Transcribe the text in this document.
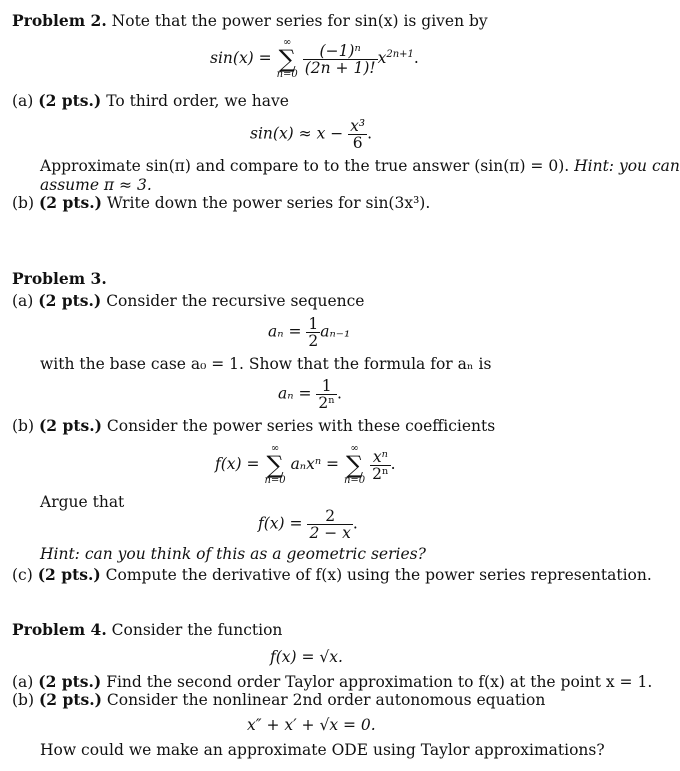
Problem 2. Note that the power series for sin(x) is given by
sin(x) =
∞
∑
n=0
$\frac{\text{(−1)ⁿ}}{(2n + 1)!} x^{2n+1}$.
(a) (2 pts.) To third order, we have
$\sin(x) \approx x - \frac{\text{x³}}{6}$ .
Approximate sin(π) and compare to to the true answer (sin(π) = 0). Hint: you can
assume π ≈ 3.
(b) (2 pts.) Write down the power series for sin(3x³).
Problem 3.
(a) (2 pts.) Consider the recursive sequence
$a_n = \frac{1}{2} a_{n-1}$
with the base case a₀ = 1. Show that the formula for aₙ is
$a_n = \frac{1}{\text{2ⁿ}}$ .
(b) (2 pts.) Consider the power series with these coefficients
f(x) =
∞
∑
n=0
aₙxⁿ =
∞
∑
n=0
$\frac{\text{xⁿ}}{\text{2ⁿ}}$ .
Argue that
$f(x) = \frac{2}{2 - x}$ .
Hint: can you think of this as a geometric series?
(c) (2 pts.) Compute the derivative of f(x) using the power series representation.
Problem 4. Consider the function
f(x) = √x.
(a) (2 pts.) Find the second order Taylor approximation to f(x) at the point x = 1.
(b) (2 pts.) Consider the nonlinear 2nd order autonomous equation
x″ + x′ + √x = 0.
How could we make an approximate ODE using Taylor approximations?
